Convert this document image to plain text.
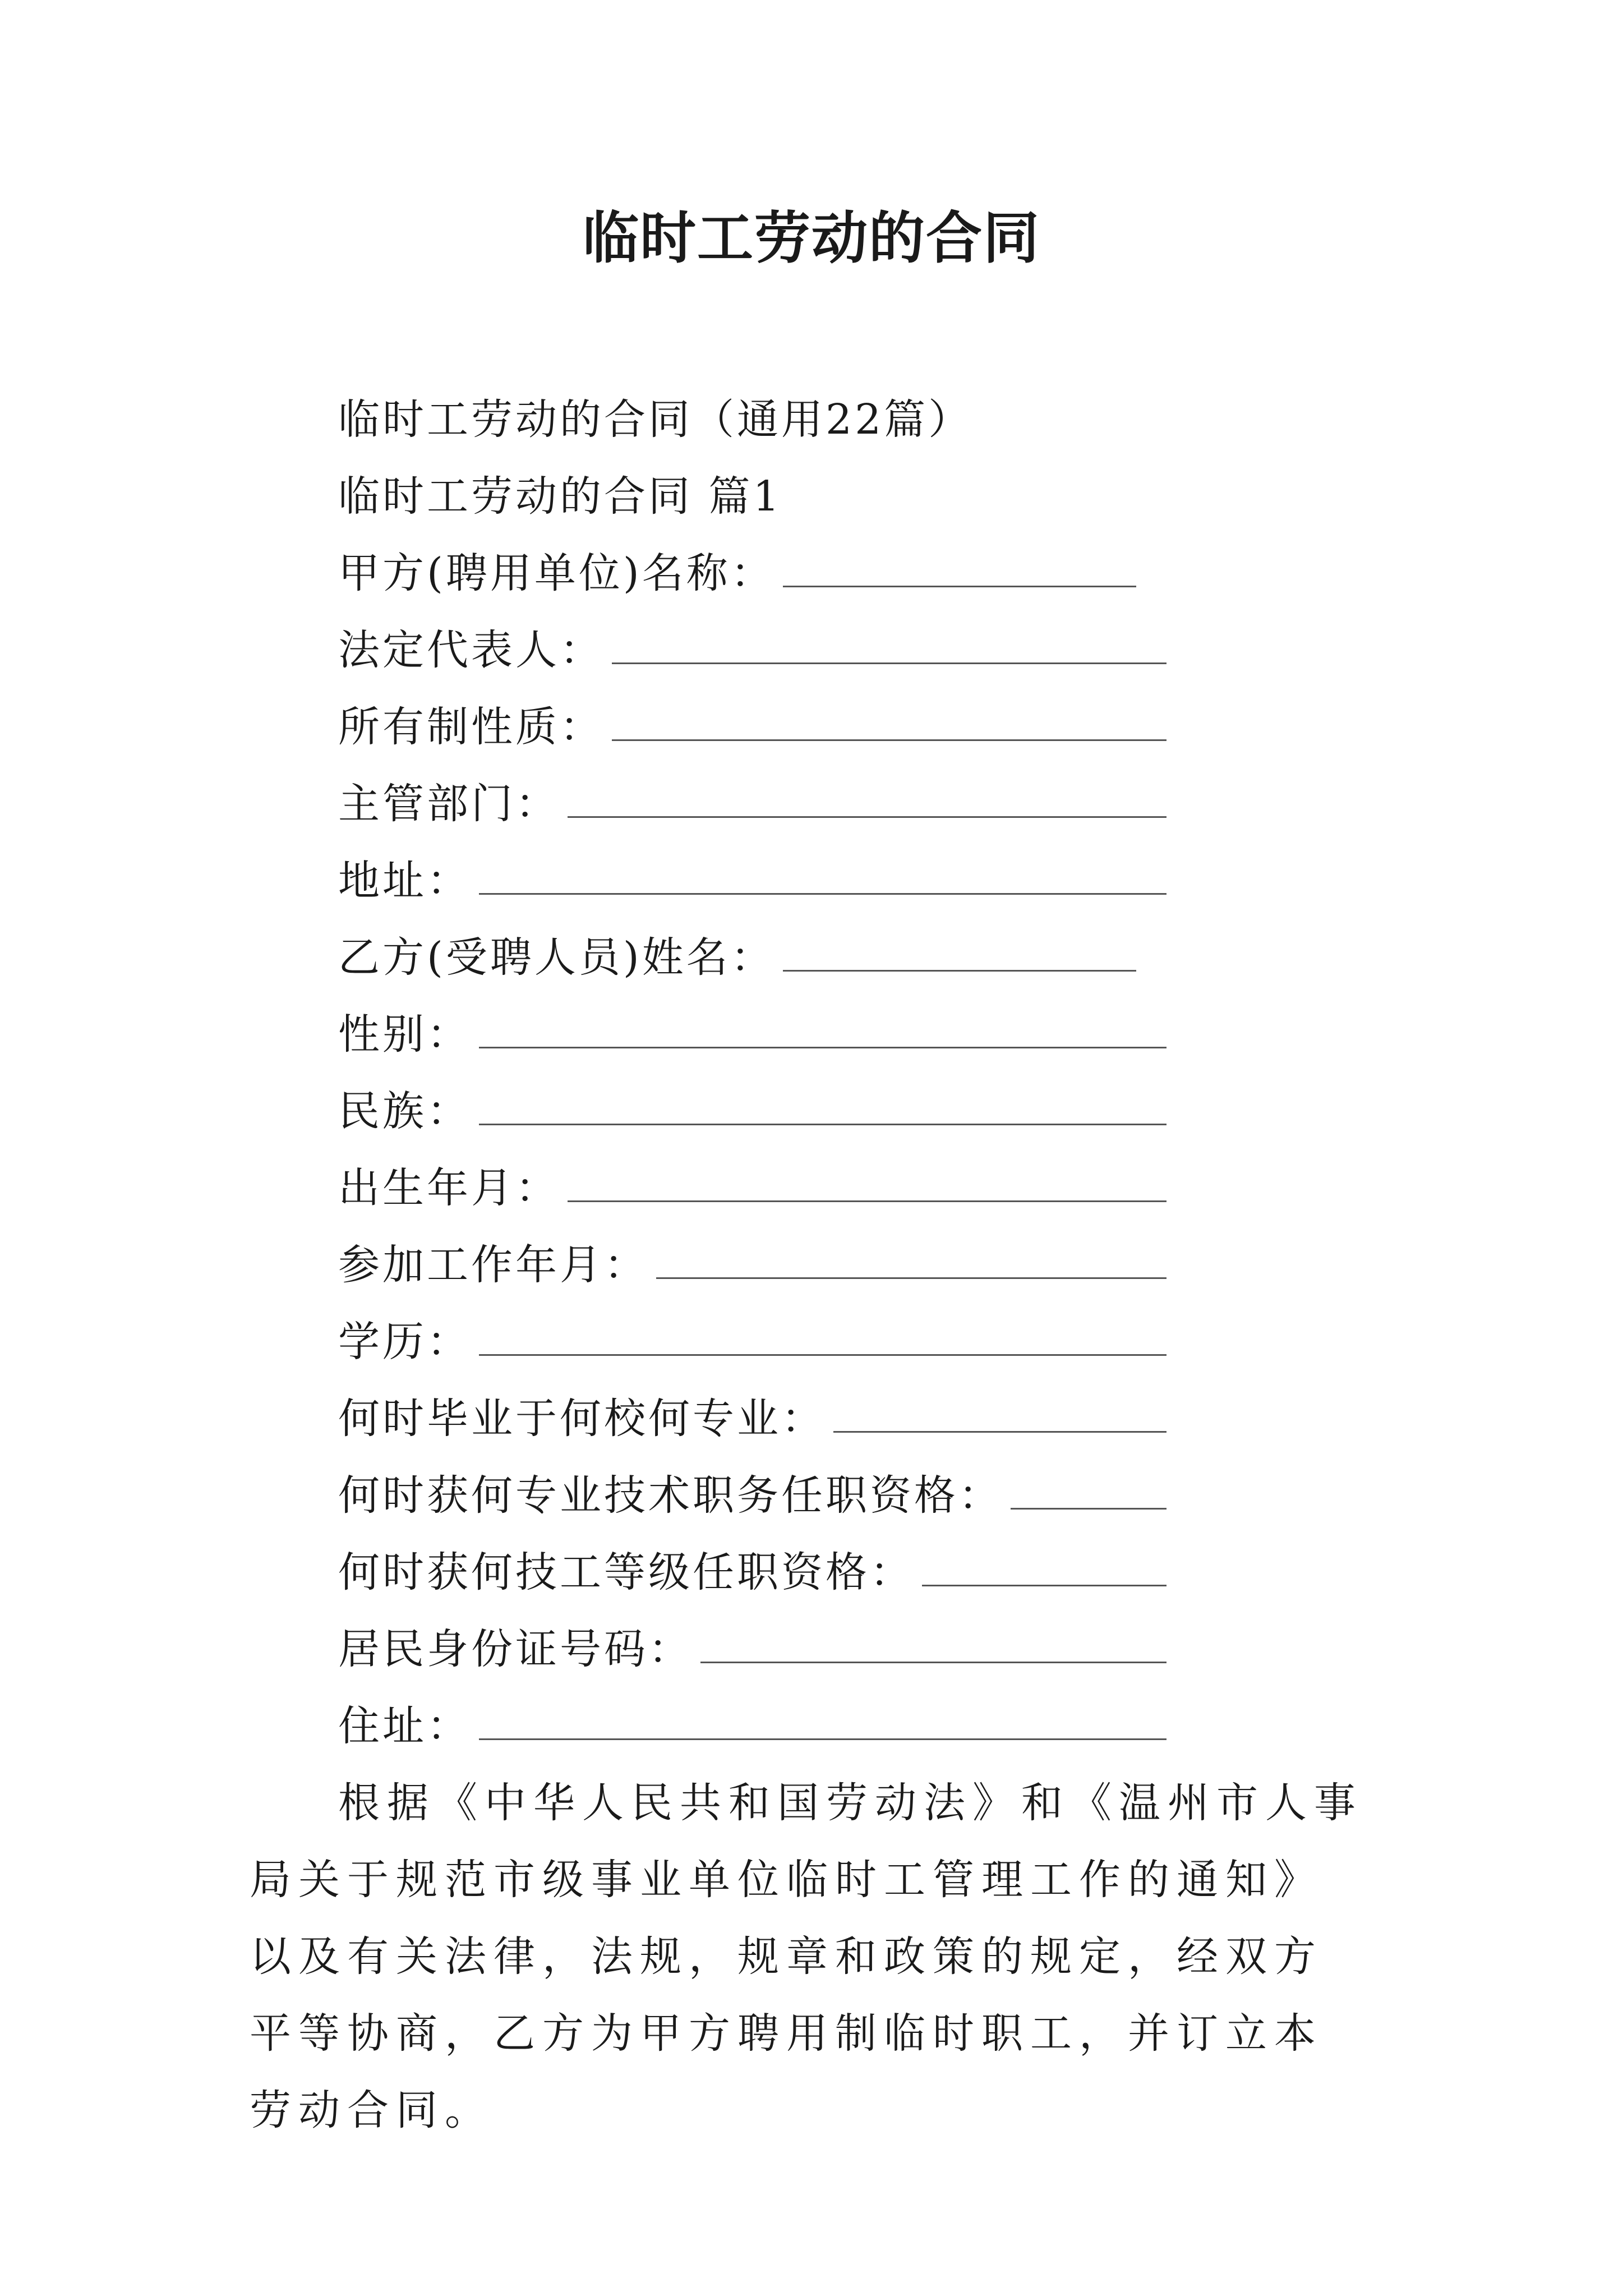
临时工劳动的合同
临时工劳动的合同（通用22篇）
临时工劳动的合同 篇1
甲方(聘用单位)名称：
法定代表人：
所有制性质：
主管部门：
地址：
乙方(受聘人员)姓名：
性别：
民族：
出生年月：
参加工作年月：
学历：
何时毕业于何校何专业：
何时获何专业技术职务任职资格：
何时获何技工等级任职资格：
居民身份证号码：
住址：

根据《中华人民共和国劳动法》和《温州市人事局关于规范市级事业单位临时工管理工作的通知》以及有关法律，法规，规章和政策的规定，经双方平等协商，乙方为甲方聘用制临时职工，并订立本劳动合同。
